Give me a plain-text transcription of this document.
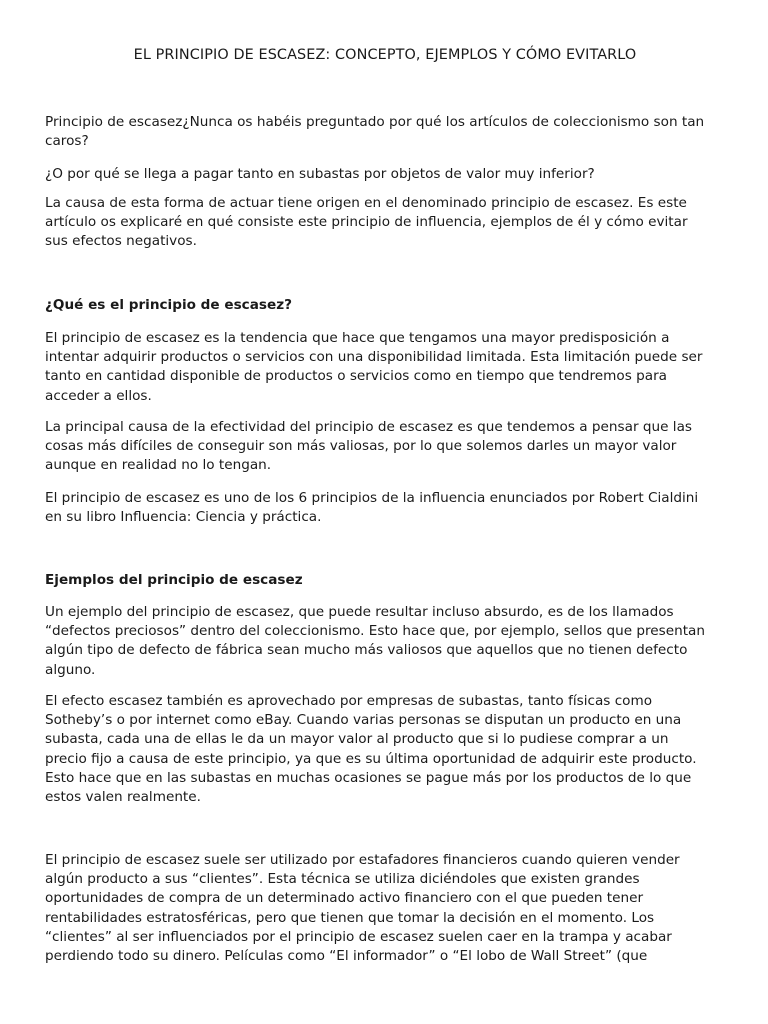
EL PRINCIPIO DE ESCASEZ: CONCEPTO, EJEMPLOS Y CÓMO EVITARLO

Principio de escasez¿Nunca os habéis preguntado por qué los artículos de coleccionismo son tan
caros?

¿O por qué se llega a pagar tanto en subastas por objetos de valor muy inferior?

La causa de esta forma de actuar tiene origen en el denominado principio de escasez. Es este
artículo os explicaré en qué consiste este principio de influencia, ejemplos de él y cómo evitar
sus efectos negativos.

¿Qué es el principio de escasez?

El principio de escasez es la tendencia que hace que tengamos una mayor predisposición a
intentar adquirir productos o servicios con una disponibilidad limitada. Esta limitación puede ser
tanto en cantidad disponible de productos o servicios como en tiempo que tendremos para
acceder a ellos.

La principal causa de la efectividad del principio de escasez es que tendemos a pensar que las
cosas más difíciles de conseguir son más valiosas, por lo que solemos darles un mayor valor
aunque en realidad no lo tengan.

El principio de escasez es uno de los 6 principios de la influencia enunciados por Robert Cialdini
en su libro Influencia: Ciencia y práctica.

Ejemplos del principio de escasez

Un ejemplo del principio de escasez, que puede resultar incluso absurdo, es de los llamados
“defectos preciosos” dentro del coleccionismo. Esto hace que, por ejemplo, sellos que presentan
algún tipo de defecto de fábrica sean mucho más valiosos que aquellos que no tienen defecto
alguno.

El efecto escasez también es aprovechado por empresas de subastas, tanto físicas como
Sotheby’s o por internet como eBay. Cuando varias personas se disputan un producto en una
subasta, cada una de ellas le da un mayor valor al producto que si lo pudiese comprar a un
precio fijo a causa de este principio, ya que es su última oportunidad de adquirir este producto.
Esto hace que en las subastas en muchas ocasiones se pague más por los productos de lo que
estos valen realmente.

El principio de escasez suele ser utilizado por estafadores financieros cuando quieren vender
algún producto a sus “clientes”. Esta técnica se utiliza diciéndoles que existen grandes
oportunidades de compra de un determinado activo financiero con el que pueden tener
rentabilidades estratosféricas, pero que tienen que tomar la decisión en el momento. Los
“clientes” al ser influenciados por el principio de escasez suelen caer en la trampa y acabar
perdiendo todo su dinero. Películas como “El informador” o “El lobo de Wall Street” (que
